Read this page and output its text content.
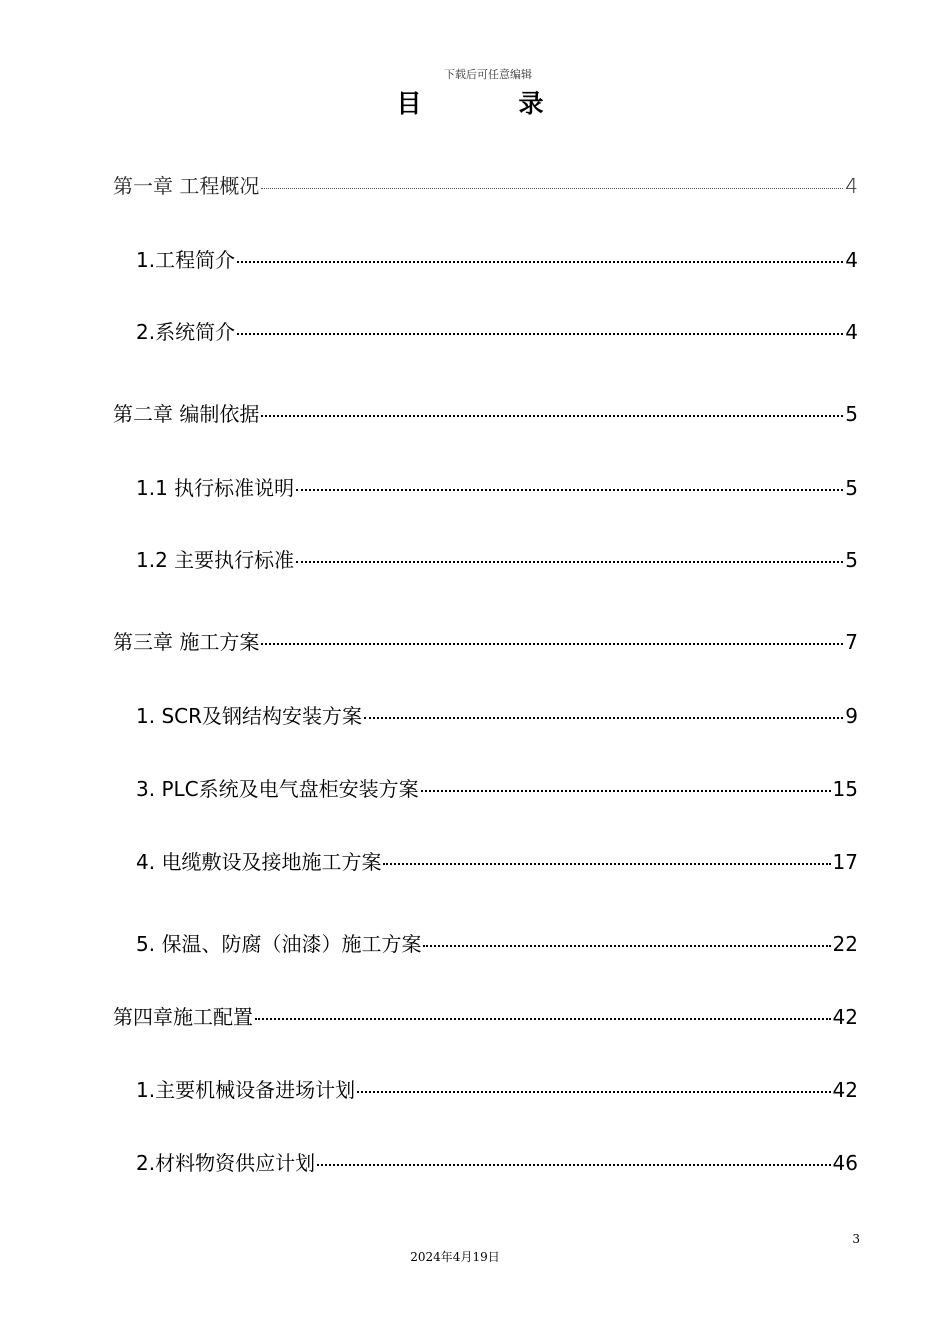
下载后可任意编辑
目　录
第一章 工程概况	4
1.工程简介	4
2.系统简介	4
第二章 编制依据	5
1.1 执行标准说明	5
1.2 主要执行标准	5
第三章 施工方案	7
1. SCR及钢结构安装方案	9
3. PLC系统及电气盘柜安装方案	15
4. 电缆敷设及接地施工方案	17
5. 保温、防腐（油漆）施工方案	22
第四章施工配置	42
1.主要机械设备进场计划	42
2.材料物资供应计划	46
3
2024年4月19日
